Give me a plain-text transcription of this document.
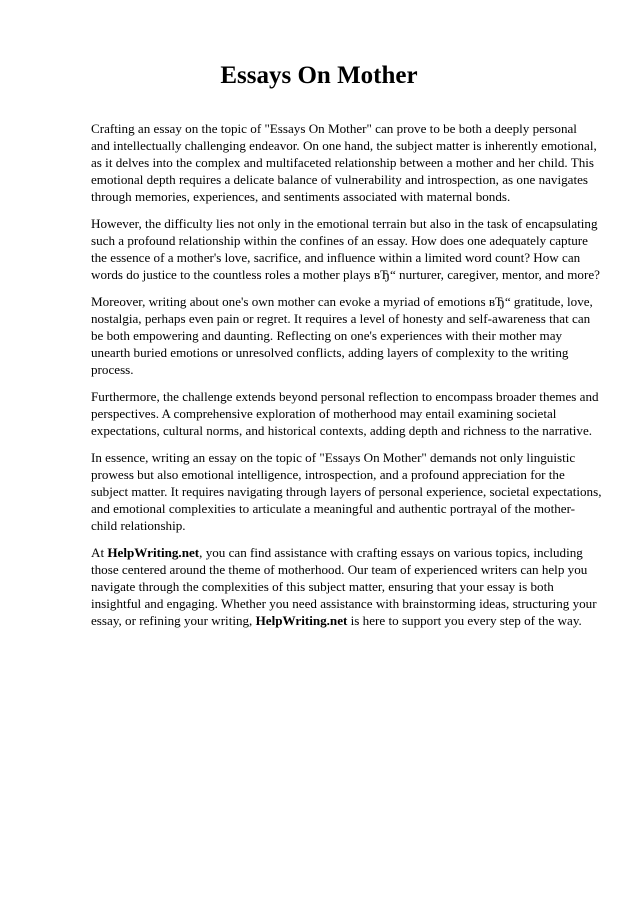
Essays On Mother

Crafting an essay on the topic of "Essays On Mother" can prove to be both a deeply personal
and intellectually challenging endeavor. On one hand, the subject matter is inherently emotional,
as it delves into the complex and multifaceted relationship between a mother and her child. This
emotional depth requires a delicate balance of vulnerability and introspection, as one navigates
through memories, experiences, and sentiments associated with maternal bonds.

However, the difficulty lies not only in the emotional terrain but also in the task of encapsulating
such a profound relationship within the confines of an essay. How does one adequately capture
the essence of a mother's love, sacrifice, and influence within a limited word count? How can
words do justice to the countless roles a mother plays вЂ“ nurturer, caregiver, mentor, and more?

Moreover, writing about one's own mother can evoke a myriad of emotions вЂ“ gratitude, love,
nostalgia, perhaps even pain or regret. It requires a level of honesty and self-awareness that can
be both empowering and daunting. Reflecting on one's experiences with their mother may
unearth buried emotions or unresolved conflicts, adding layers of complexity to the writing
process.

Furthermore, the challenge extends beyond personal reflection to encompass broader themes and
perspectives. A comprehensive exploration of motherhood may entail examining societal
expectations, cultural norms, and historical contexts, adding depth and richness to the narrative.

In essence, writing an essay on the topic of "Essays On Mother" demands not only linguistic
prowess but also emotional intelligence, introspection, and a profound appreciation for the
subject matter. It requires navigating through layers of personal experience, societal expectations,
and emotional complexities to articulate a meaningful and authentic portrayal of the mother-
child relationship.

At HelpWriting.net, you can find assistance with crafting essays on various topics, including
those centered around the theme of motherhood. Our team of experienced writers can help you
navigate through the complexities of this subject matter, ensuring that your essay is both
insightful and engaging. Whether you need assistance with brainstorming ideas, structuring your
essay, or refining your writing, HelpWriting.net is here to support you every step of the way.
